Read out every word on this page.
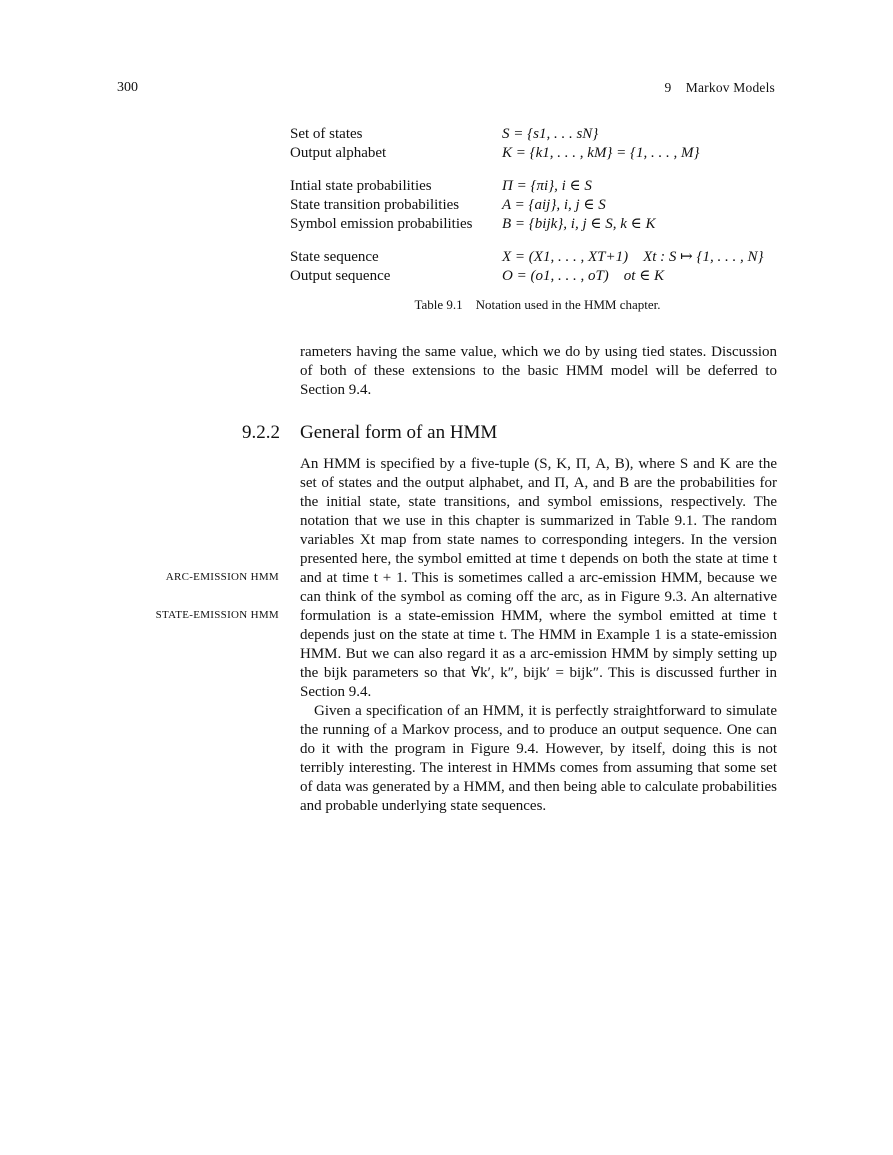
300	9    Markov Models
Set of states	S = {s1, . . . sN}
Output alphabet	K = {k1, . . . , kM} = {1, . . . , M}
Intial state probabilities	Π = {πi}, i ∈ S
State transition probabilities	A = {aij}, i, j ∈ S
Symbol emission probabilities	B = {bijk}, i, j ∈ S, k ∈ K
State sequence	X = (X1, . . . , XT+1)    Xt : S ↦ {1, . . . , N}
Output sequence	O = (o1, . . . , oT)    ot ∈ K
Table 9.1    Notation used in the HMM chapter.

rameters having the same value, which we do by using tied states. Discussion of both of these extensions to the basic HMM model will be deferred to Section 9.4.

9.2.2 General form of an HMM
ARC-EMISSION HMM
STATE-EMISSION HMM

An HMM is specified by a five-tuple (S, K, Π, A, B), where S and K are the set of states and the output alphabet, and Π, A, and B are the probabilities for the initial state, state transitions, and symbol emissions, respectively. The notation that we use in this chapter is summarized in Table 9.1. The random variables Xt map from state names to corresponding integers. In the version presented here, the symbol emitted at time t depends on both the state at time t and at time t + 1. This is sometimes called a arc-emission HMM, because we can think of the symbol as coming off the arc, as in Figure 9.3. An alternative formulation is a state-emission HMM, where the symbol emitted at time t depends just on the state at time t. The HMM in Example 1 is a state-emission HMM. But we can also regard it as a arc-emission HMM by simply setting up the bijk parameters so that ∀k′, k″, bijk′ = bijk″. This is discussed further in Section 9.4.

Given a specification of an HMM, it is perfectly straightforward to simulate the running of a Markov process, and to produce an output sequence. One can do it with the program in Figure 9.4. However, by itself, doing this is not terribly interesting. The interest in HMMs comes from assuming that some set of data was generated by a HMM, and then being able to calculate probabilities and probable underlying state sequences.
